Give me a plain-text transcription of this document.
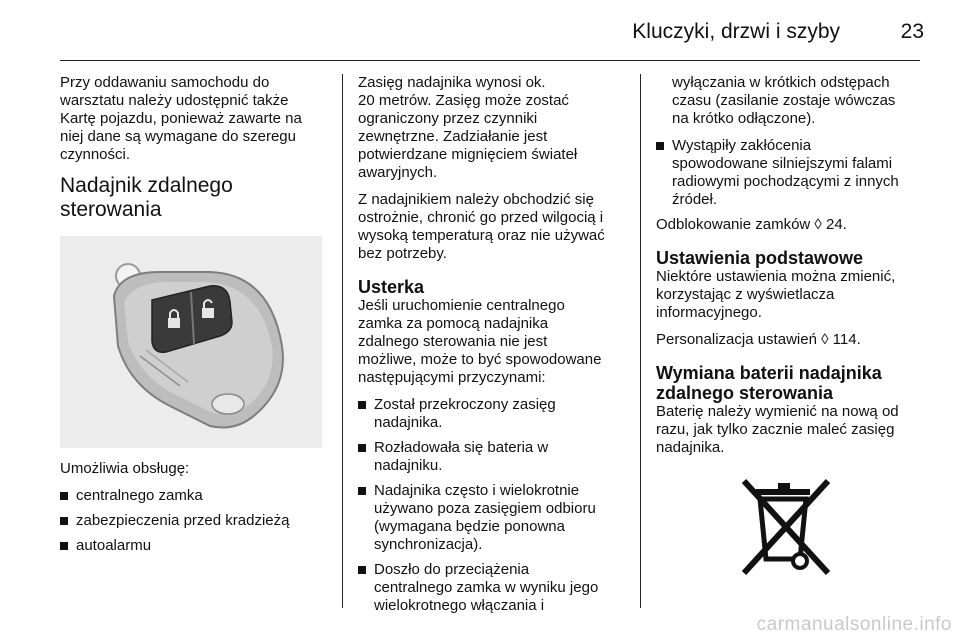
Kluczyki, drzwi i szyby	23

Przy oddawaniu samochodu do
warsztatu należy udostępnić także
Kartę pojazdu, ponieważ zawarte na
niej dane są wymagane do szeregu
czynności.

Nadajnik zdalnego
sterowania

Umożliwia obsługę:

centralnego zamka
zabezpieczenia przed kradzieżą
autoalarmu

Zasięg nadajnika wynosi ok.
20 metrów. Zasięg może zostać
ograniczony przez czynniki
zewnętrzne. Zadziałanie jest
potwierdzane mignięciem świateł
awaryjnych.

Z nadajnikiem należy obchodzić się
ostrożnie, chronić go przed wilgocią i
wysoką temperaturą oraz nie używać
bez potrzeby.

Usterka

Jeśli uruchomienie centralnego
zamka za pomocą nadajnika
zdalnego sterowania nie jest
możliwe, może to być spowodowane
następującymi przyczynami:

Został przekroczony zasięg
nadajnika.
Rozładowała się bateria w
nadajniku.
Nadajnika często i wielokrotnie
używano poza zasięgiem odbioru
(wymagana będzie ponowna
synchronizacja).
Doszło do przeciążenia
centralnego zamka w wyniku jego
wielokrotnego włączania i

wyłączania w krótkich odstępach
czasu (zasilanie zostaje wówczas
na krótko odłączone).

Wystąpiły zakłócenia
spowodowane silniejszymi falami
radiowymi pochodzącymi z innych
źródeł.

Odblokowanie zamków ◊ 24.

Ustawienia podstawowe

Niektóre ustawienia można zmienić,
korzystając z wyświetlacza
informacyjnego.

Personalizacja ustawień ◊ 114.

Wymiana baterii nadajnika
zdalnego sterowania

Baterię należy wymienić na nową od
razu, jak tylko zacznie maleć zasięg
nadajnika.

carmanualsonline.info
